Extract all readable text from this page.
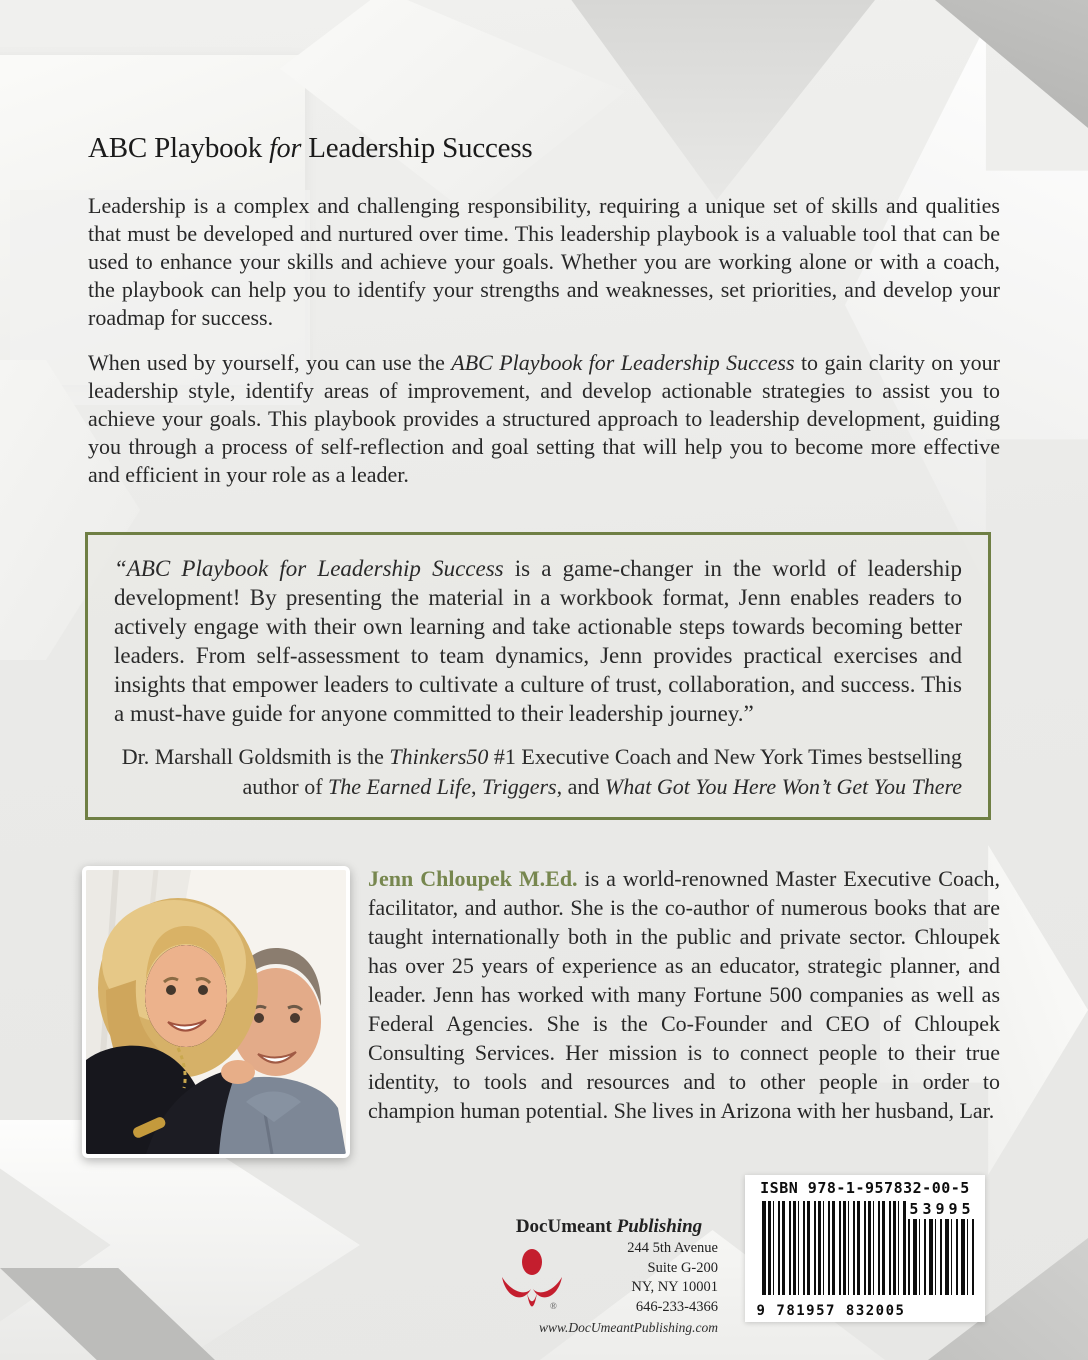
ABC Playbook for Leadership Success

Leadership is a complex and challenging responsibility, requiring a unique set of skills and qualities that must be developed and nurtured over time. This leadership playbook is a valuable tool that can be used to enhance your skills and achieve your goals. Whether you are working alone or with a coach, the playbook can help you to identify your strengths and weaknesses, set priorities, and develop your roadmap for success.

When used by yourself, you can use the ABC Playbook for Leadership Success to gain clarity on your leadership style, identify areas of improvement, and develop actionable strategies to assist you to achieve your goals. This playbook provides a structured approach to leadership development, guiding you through a process of self-reflection and goal setting that will help you to become more effective and efficient in your role as a leader.

“ABC Playbook for Leadership Success is a game-changer in the world of leadership development! By presenting the material in a workbook format, Jenn enables readers to actively engage with their own learning and take actionable steps towards becoming better leaders. From self-assessment to team dynamics, Jenn provides practical exercises and insights that empower leaders to cultivate a culture of trust, collaboration, and success. This a must-have guide for anyone committed to their leadership journey.”

Dr. Marshall Goldsmith is the Thinkers50 #1 Executive Coach and New York Times bestselling author of The Earned Life, Triggers, and What Got You Here Won’t Get You There

Jenn Chloupek M.Ed. is a world-renowned Master Executive Coach, facilitator, and author. She is the co-author of numerous books that are taught internationally both in the public and private sector. Chloupek has over 25 years of experience as an educator, strategic planner, and leader. Jenn has worked with many Fortune 500 companies as well as Federal Agencies. She is the Co-Founder and CEO of Chloupek Consulting Services. Her mission is to connect people to their true identity, to tools and resources and to other people in order to champion human potential. She lives in Arizona with her husband, Lar.

DocUmeant Publishing
®
244 5th Avenue
Suite G-200
NY, NY 10001
646-233-4366
www.DocUmeantPublishing.com
ISBN 978-1-957832-00-5
53995
9 781957 832005
